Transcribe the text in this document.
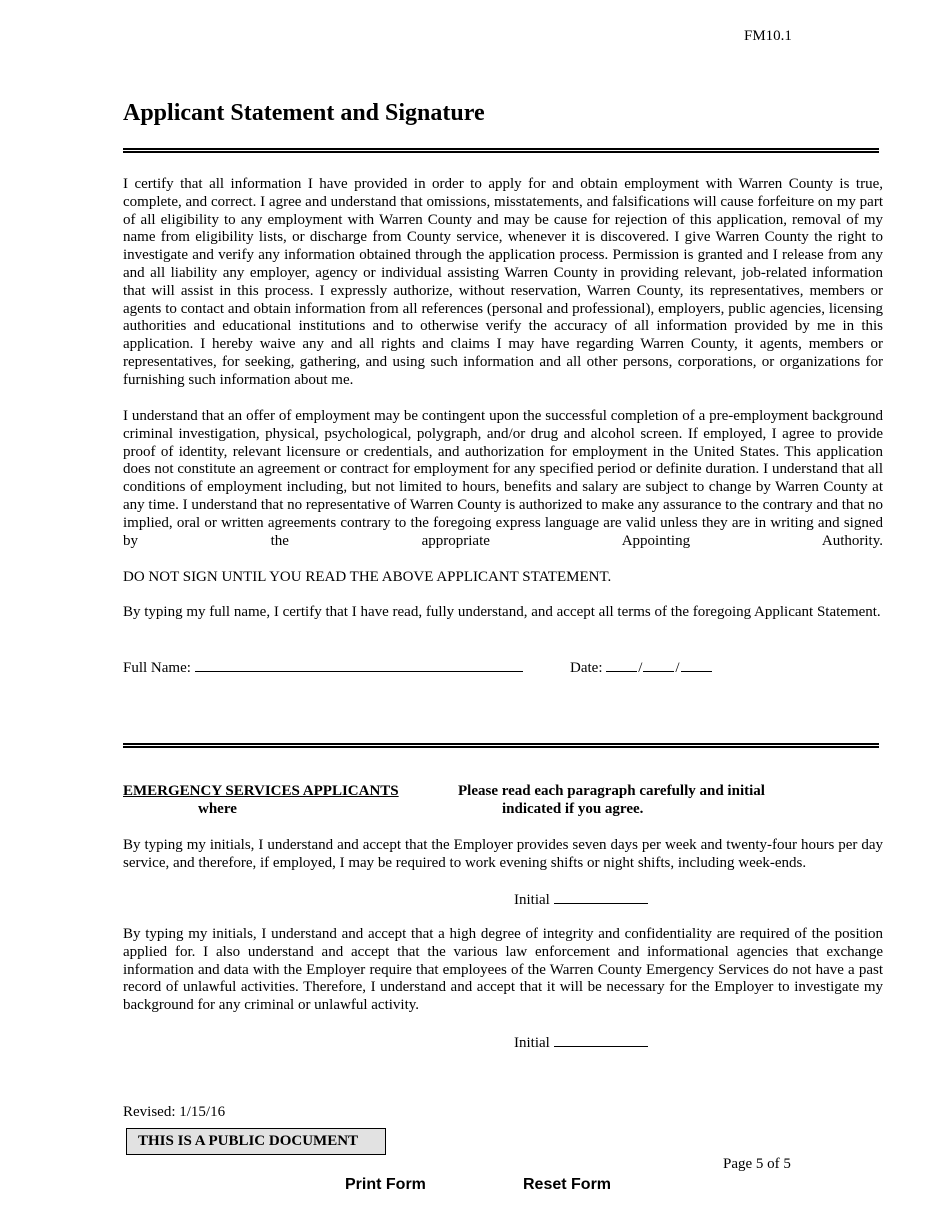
FM10.1
Applicant Statement and Signature

I certify that all information I have provided in order to apply for and obtain employment with Warren County is true, complete, and correct. I agree and understand that omissions, misstatements, and falsifications will cause forfeiture on my part of all eligibility to any employment with Warren County and may be cause for rejection of this application, removal of my name from eligibility lists, or discharge from County service, whenever it is discovered. I give Warren County the right to investigate and verify any information obtained through the application process. Permission is granted and I release from any and all liability any employer, agency or individual assisting Warren County in providing relevant, job-related information that will assist in this process. I expressly authorize, without reservation, Warren County, its representatives, members or agents to contact and obtain information from all references (personal and professional), employers, public agencies, licensing authorities and educational institutions and to otherwise verify the accuracy of all information provided by me in this application. I hereby waive any and all rights and claims I may have regarding Warren County, it agents, members or representatives, for seeking, gathering, and using such information and all other persons, corporations, or organizations for furnishing such information about me.

I understand that an offer of employment may be contingent upon the successful completion of a pre-employment background criminal investigation, physical, psychological, polygraph, and/or drug and alcohol screen. If employed, I agree to provide proof of identity, relevant licensure or credentials, and authorization for employment in the United States. This application does not constitute an agreement or contract for employment for any specified period or definite duration. I understand that all conditions of employment including, but not limited to hours, benefits and salary are subject to change by Warren County at any time. I understand that no representative of Warren County is authorized to make any assurance to the contrary and that no implied, oral or written agreements contrary to the foregoing express language are valid unless they are in writing and signed by the appropriate Appointing Authority.

DO NOT SIGN UNTIL YOU READ THE ABOVE APPLICANT STATEMENT.

By typing my full name, I certify that I have read, fully understand, and accept all terms of the foregoing Applicant Statement.

Full Name:	Date: / /
EMERGENCY SERVICES APPLICANTS
where
Please read each paragraph carefully and initial
indicated if you agree.

By typing my initials, I understand and accept that the Employer provides seven days per week and twenty-four hours per day service, and therefore, if employed, I may be required to work evening shifts or night shifts, including week-ends.

Initial

By typing my initials, I understand and accept that a high degree of integrity and confidentiality are required of the position applied for. I also understand and accept that the various law enforcement and informational agencies that exchange information and data with the Employer require that employees of the Warren County Emergency Services do not have a past record of unlawful activities. Therefore, I understand and accept that it will be necessary for the Employer to investigate my background for any criminal or unlawful activity.

Initial
Revised: 1/15/16
THIS IS A PUBLIC DOCUMENT
Page 5 of 5
Print Form	Reset Form
